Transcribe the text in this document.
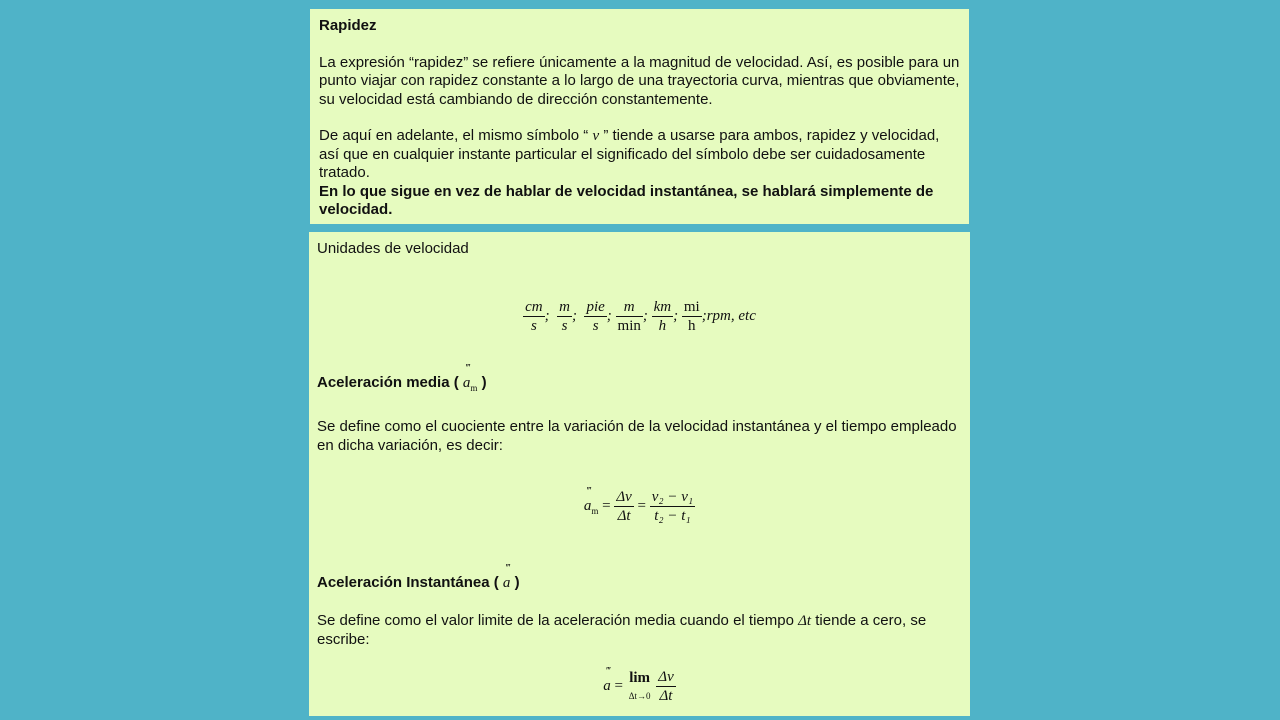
Rapidez

La expresión “rapidez” se refiere únicamente a la magnitud de velocidad. Así, es posible para un punto viajar con rapidez constante a lo largo de una trayectoria curva, mientras que obviamente, su velocidad está cambiando de dirección constantemente.

De aquí en adelante, el mismo símbolo “ v ” tiende a usarse para ambos, rapidez y velocidad, así que en cualquier instante particular el significado del símbolo debe ser cuidadosamente tratado.

En lo que sigue en vez de hablar de velocidad instantánea, se hablará simplemente de velocidad.

Unidades de velocidad

$\frac{cm}{s}$ ; $\frac{m}{s}$ ; $\frac{\text{pie}}{s}$ ; $\frac{m}{\min}$ ; $\frac{km}{h}$ ; $\frac{mi}{h}$ ;rpm, etc
Aceleración media ( ‴ $a_m$ )

Se define como el cuociente entre la variación de la velocidad instantánea y el tiempo empleado en dicha variación, es decir:

‴ $a_m = \frac{\Delta v}{\Delta t} = \frac{\text{v₂ − v₁}}{\text{t₂ − t₁}}$
Aceleración Instantánea ( ‴ a )

Se define como el valor limite de la aceleración media cuando el tiempo Δt tiende a cero, se escribe:

‴ a =
lim
Δt→0
$\frac{\Delta v}{\Delta t}$
